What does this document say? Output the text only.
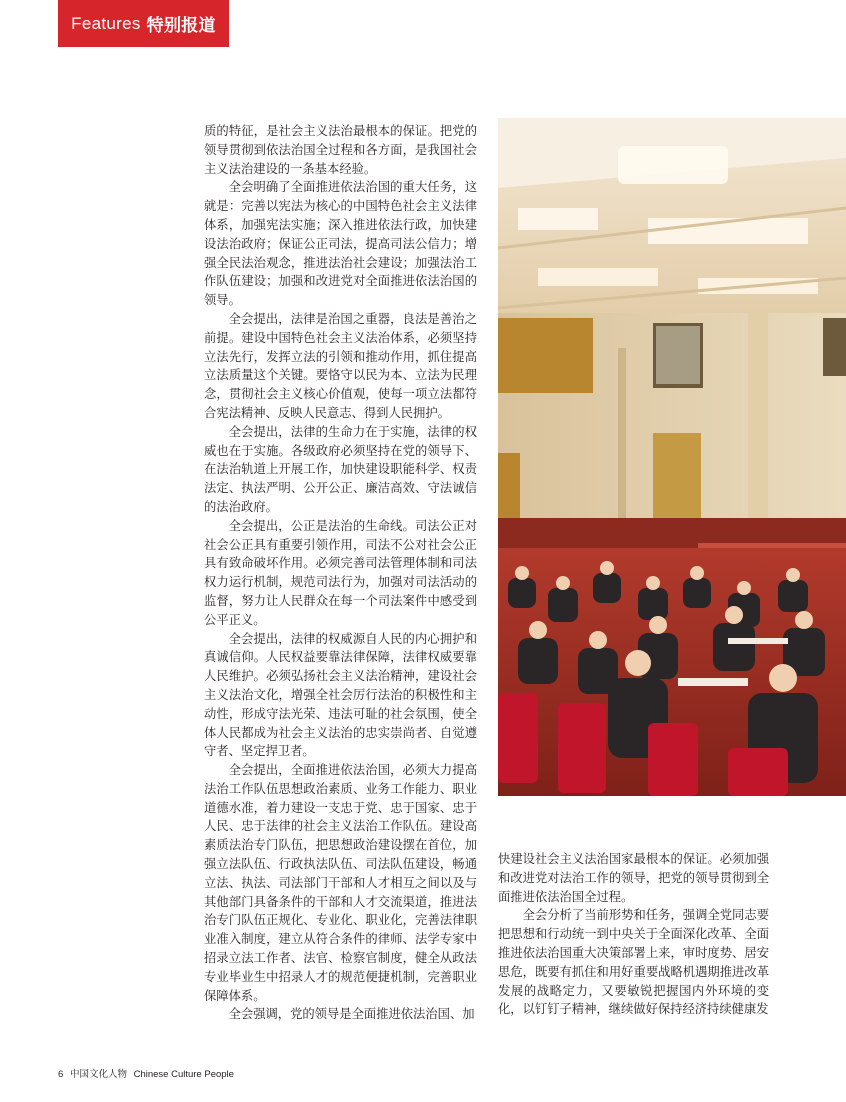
Features 特别报道

质的特征，是社会主义法治最根本的保证。把党的领导贯彻到依法治国全过程和各方面，是我国社会主义法治建设的一条基本经验。

全会明确了全面推进依法治国的重大任务，这就是：完善以宪法为核心的中国特色社会主义法律体系，加强宪法实施；深入推进依法行政，加快建设法治政府；保证公正司法，提高司法公信力；增强全民法治观念，推进法治社会建设；加强法治工作队伍建设；加强和改进党对全面推进依法治国的领导。

全会提出，法律是治国之重器，良法是善治之前提。建设中国特色社会主义法治体系，必须坚持立法先行，发挥立法的引领和推动作用，抓住提高立法质量这个关键。要恪守以民为本、立法为民理念，贯彻社会主义核心价值观，使每一项立法都符合宪法精神、反映人民意志、得到人民拥护。

全会提出，法律的生命力在于实施，法律的权威也在于实施。各级政府必须坚持在党的领导下、在法治轨道上开展工作，加快建设职能科学、权责法定、执法严明、公开公正、廉洁高效、守法诚信的法治政府。

全会提出，公正是法治的生命线。司法公正对社会公正具有重要引领作用，司法不公对社会公正具有致命破坏作用。必须完善司法管理体制和司法权力运行机制，规范司法行为，加强对司法活动的监督，努力让人民群众在每一个司法案件中感受到公平正义。

全会提出，法律的权威源自人民的内心拥护和真诚信仰。人民权益要靠法律保障，法律权威要靠人民维护。必须弘扬社会主义法治精神，建设社会主义法治文化，增强全社会厉行法治的积极性和主动性，形成守法光荣、违法可耻的社会氛围，使全体人民都成为社会主义法治的忠实崇尚者、自觉遵守者、坚定捍卫者。

全会提出，全面推进依法治国，必须大力提高法治工作队伍思想政治素质、业务工作能力、职业道德水准，着力建设一支忠于党、忠于国家、忠于人民、忠于法律的社会主义法治工作队伍。建设高素质法治专门队伍，把思想政治建设摆在首位，加强立法队伍、行政执法队伍、司法队伍建设，畅通立法、执法、司法部门干部和人才相互之间以及与其他部门具备条件的干部和人才交流渠道，推进法治专门队伍正规化、专业化、职业化，完善法律职业准入制度，建立从符合条件的律师、法学专家中招录立法工作者、法官、检察官制度，健全从政法专业毕业生中招录人才的规范便捷机制，完善职业保障体系。

全会强调，党的领导是全面推进依法治国、加

快建设社会主义法治国家最根本的保证。必须加强和改进党对法治工作的领导，把党的领导贯彻到全面推进依法治国全过程。

全会分析了当前形势和任务，强调全党同志要把思想和行动统一到中央关于全面深化改革、全面推进依法治国重大决策部署上来，审时度势、居安思危，既要有抓住和用好重要战略机遇期推进改革发展的战略定力，又要敏锐把握国内外环境的变化，以钉钉子精神，继续做好保持经济持续健康发

6 中国文化人物 Chinese Culture People
